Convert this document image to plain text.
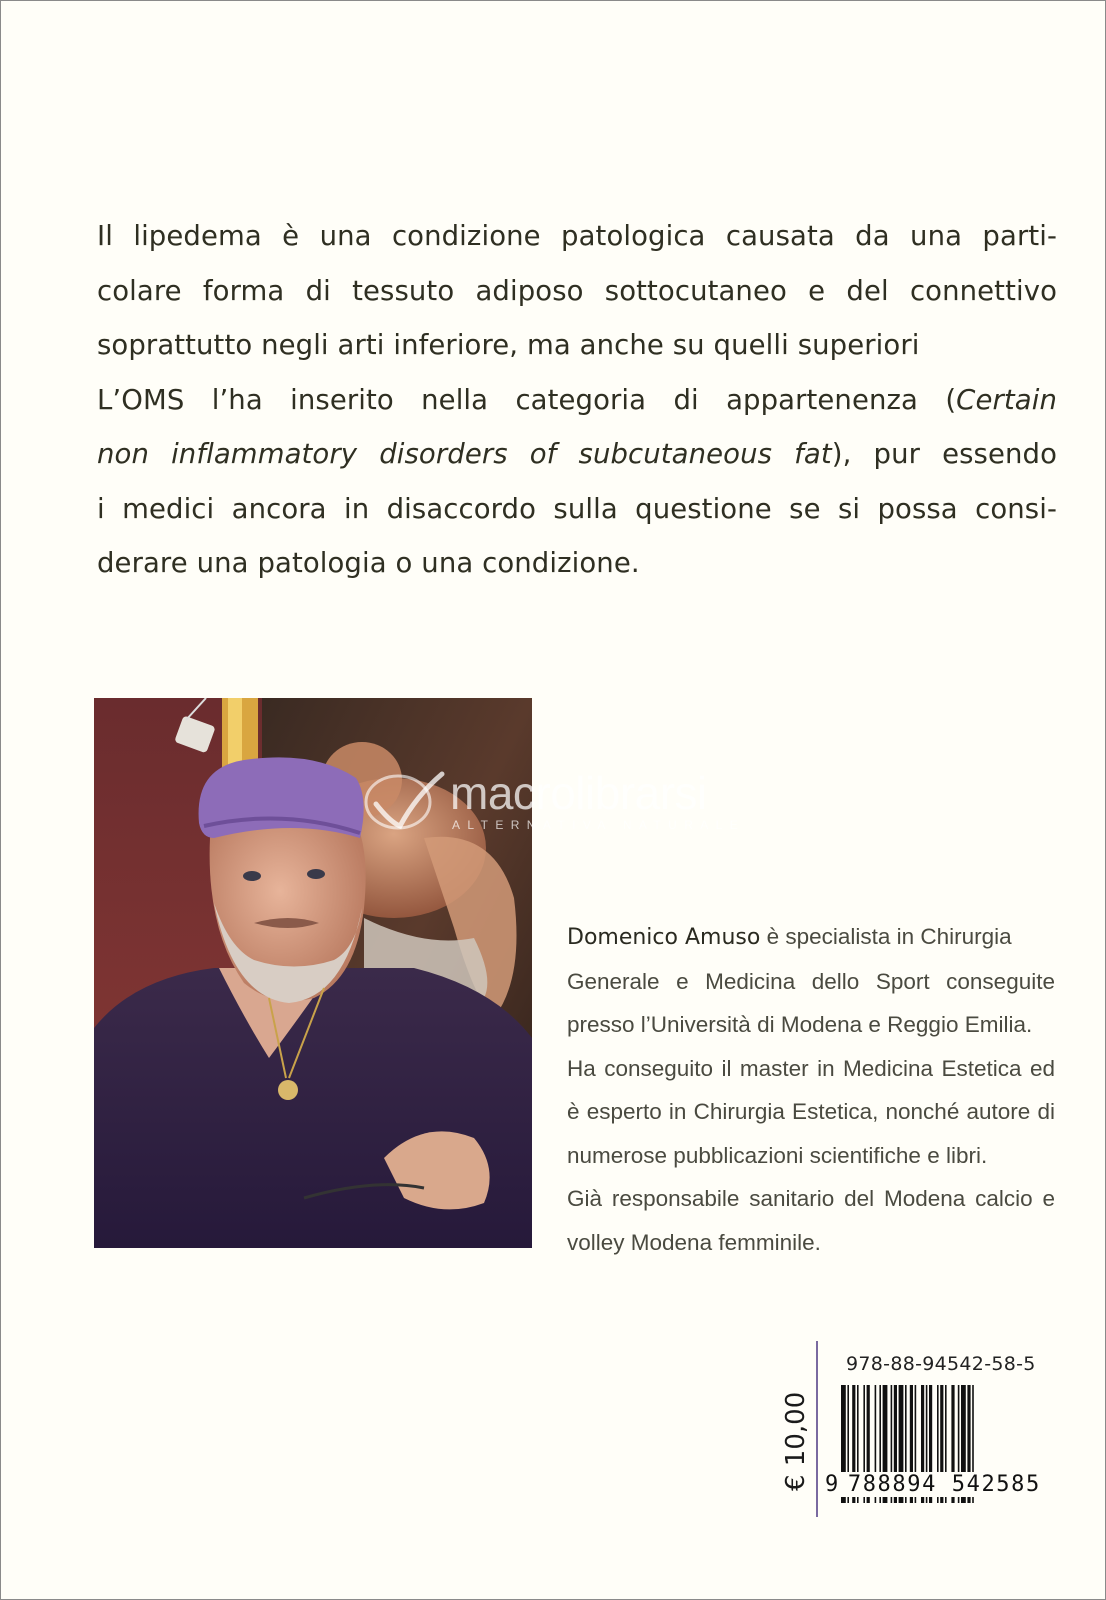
Il lipedema è una condizione patologica causata da una parti-
colare forma di tessuto adiposo sottocutaneo e del connettivo
soprattutto negli arti inferiore, ma anche su quelli superiori
L’OMS l’ha inserito nella categoria di appartenenza (Certain
non inflammatory disorders of subcutaneous fat), pur essendo
i medici ancora in disaccordo sulla questione se si possa consi-
derare una patologia o una condizione.
macrolibrarsi
ALTERNATIVA NATURALE
Domenico Amuso è specialista in Chirurgia
Generale e Medicina dello Sport conseguite
presso l’Università di Modena e Reggio Emilia.
Ha conseguito il master in Medicina Estetica ed
è esperto in Chirurgia Estetica, nonché autore di
numerose pubblicazioni scientifiche e libri.
Già responsabile sanitario del Modena calcio e
volley Modena femminile.
€ 10,00
978-88-94542-58-5
9 788894 542585
